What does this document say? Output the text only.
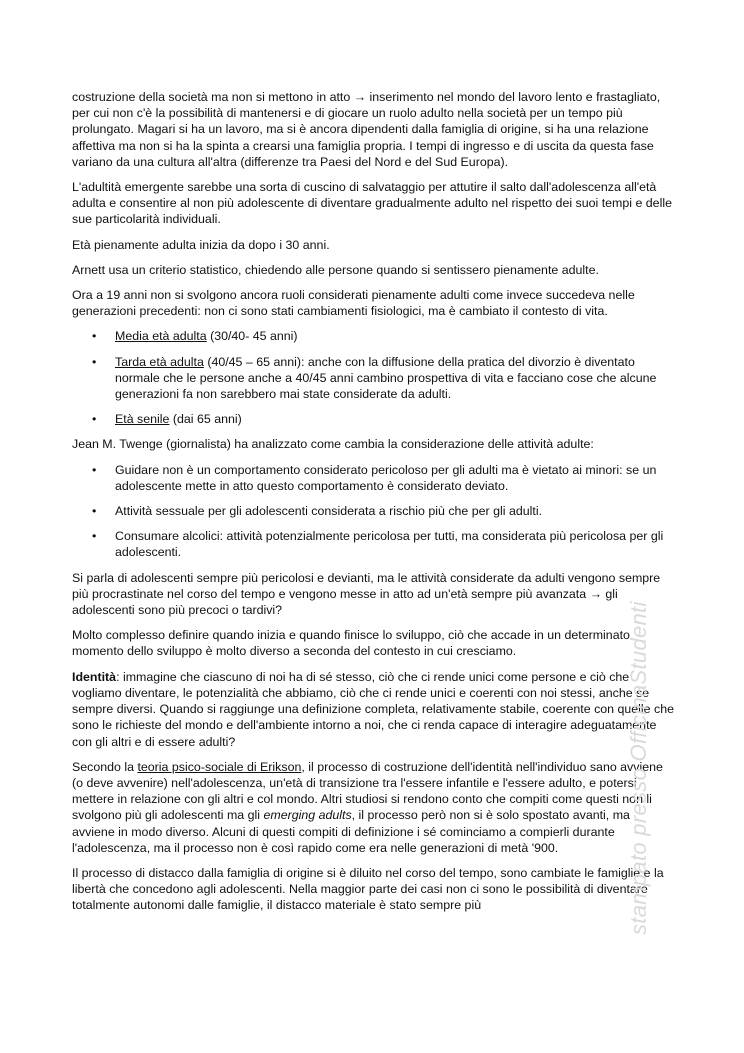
costruzione della società ma non si mettono in atto → inserimento nel mondo del lavoro lento e frastagliato, per cui non c'è la possibilità di mantenersi e di giocare un ruolo adulto nella società per un tempo più prolungato. Magari si ha un lavoro, ma si è ancora dipendenti dalla famiglia di origine, si ha una relazione affettiva ma non si ha la spinta a crearsi una famiglia propria. I tempi di ingresso e di uscita da questa fase variano da una cultura all'altra (differenze tra Paesi del Nord e del Sud Europa).

L'adultità emergente sarebbe una sorta di cuscino di salvataggio per attutire il salto dall'adolescenza all'età adulta e consentire al non più adolescente di diventare gradualmente adulto nel rispetto dei suoi tempi e delle sue particolarità individuali.

Età pienamente adulta inizia da dopo i 30 anni.

Arnett usa un criterio statistico, chiedendo alle persone quando si sentissero pienamente adulte.

Ora a 19 anni non si svolgono ancora ruoli considerati pienamente adulti come invece succedeva nelle generazioni precedenti: non ci sono stati cambiamenti fisiologici, ma è cambiato il contesto di vita.

• Media età adulta (30/40- 45 anni)
• Tarda età adulta (40/45 – 65 anni): anche con la diffusione della pratica del divorzio è diventato normale che le persone anche a 40/45 anni cambino prospettiva di vita e facciano cose che alcune generazioni fa non sarebbero mai state considerate da adulti.
• Età senile (dai 65 anni)

Jean M. Twenge (giornalista) ha analizzato come cambia la considerazione delle attività adulte:

• Guidare non è un comportamento considerato pericoloso per gli adulti ma è vietato ai minori: se un adolescente mette in atto questo comportamento è considerato deviato.
• Attività sessuale per gli adolescenti considerata a rischio più che per gli adulti.
• Consumare alcolici: attività potenzialmente pericolosa per tutti, ma considerata più pericolosa per gli adolescenti.

Si parla di adolescenti sempre più pericolosi e devianti, ma le attività considerate da adulti vengono sempre più procrastinate nel corso del tempo e vengono messe in atto ad un'età sempre più avanzata → gli adolescenti sono più precoci o tardivi?

Molto complesso definire quando inizia e quando finisce lo sviluppo, ciò che accade in un determinato momento dello sviluppo è molto diverso a seconda del contesto in cui cresciamo.

Identità: immagine che ciascuno di noi ha di sé stesso, ciò che ci rende unici come persone e ciò che vogliamo diventare, le potenzialità che abbiamo, ciò che ci rende unici e coerenti con noi stessi, anche se sempre diversi. Quando si raggiunge una definizione completa, relativamente stabile, coerente con quelle che sono le richieste del mondo e dell'ambiente intorno a noi, che ci renda capace di interagire adeguatamente con gli altri e di essere adulti?

Secondo la teoria psico-sociale di Erikson, il processo di costruzione dell'identità nell'individuo sano avviene (o deve avvenire) nell'adolescenza, un'età di transizione tra l'essere infantile e l'essere adulto, e potersi mettere in relazione con gli altri e col mondo. Altri studiosi si rendono conto che compiti come questi non li svolgono più gli adolescenti ma gli emerging adults, il processo però non si è solo spostato avanti, ma avviene in modo diverso. Alcuni di questi compiti di definizione i sé cominciamo a compierli durante l'adolescenza, ma il processo non è così rapido come era nelle generazioni di metà '900.

Il processo di distacco dalla famiglia di origine si è diluito nel corso del tempo, sono cambiate le famiglie e la libertà che concedono agli adolescenti. Nella maggior parte dei casi non ci sono le possibilità di diventare totalmente autonomi dalle famiglie, il distacco materiale è stato sempre più	stampato presso OfficinaStudenti
